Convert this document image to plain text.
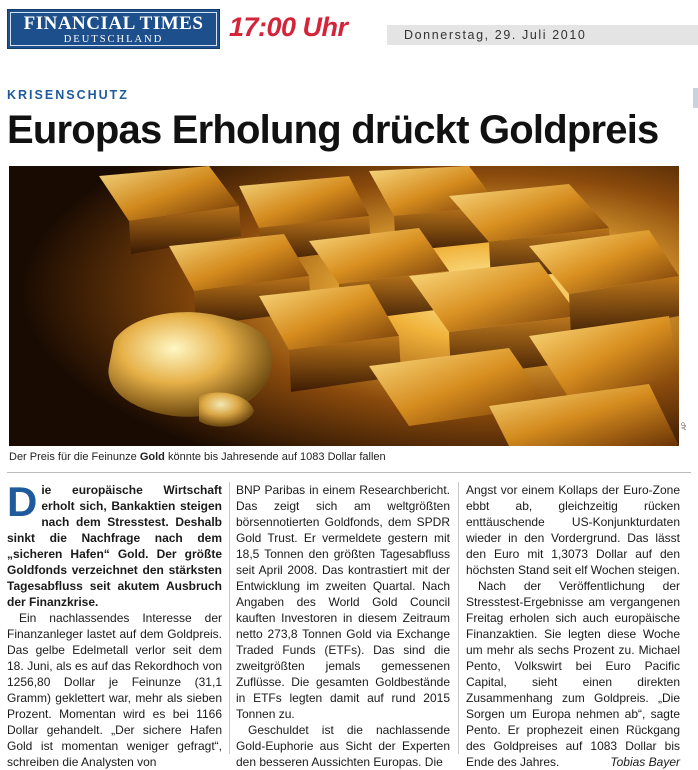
FINANCIAL TIMES
DEUTSCHLAND	17:00 Uhr	Donnerstag, 29. Juli 2010
KRISENSCHUTZ
Europas Erholung drückt Goldpreis
AP
Der Preis für die Feinunze Gold könnte bis Jahresende auf 1083 Dollar fallen

Die europäische Wirtschaft erholt sich, Bankaktien steigen nach dem Stresstest. Deshalb sinkt die Nachfrage nach dem „sicheren Hafen“ Gold. Der größte Goldfonds verzeichnet den stärksten Tagesabfluss seit akutem Ausbruch der Finanzkrise.

Ein nachlassendes Interesse der Finanzanleger lastet auf dem Goldpreis. Das gelbe Edelmetall verlor seit dem 18. Juni, als es auf das Rekordhoch von 1256,80 Dollar je Feinunze (31,1 Gramm) geklettert war, mehr als sieben Prozent. Momentan wird es bei 1166 Dollar gehandelt. „Der sichere Hafen Gold ist momentan weniger gefragt“, schreiben die Analysten von

BNP Paribas in einem Researchbericht. Das zeigt sich am weltgrößten börsennotierten Goldfonds, dem SPDR Gold Trust. Er vermeldete gestern mit 18,5 Tonnen den größten Tagesabfluss seit April 2008. Das kontrastiert mit der Entwicklung im zweiten Quartal. Nach Angaben des World Gold Council kauften Investoren in diesem Zeitraum netto 273,8 Tonnen Gold via Exchange Traded Funds (ETFs). Das sind die zweitgrößten jemals gemessenen Zuflüsse. Die gesamten Goldbestände in ETFs legten damit auf rund 2015 Tonnen zu.

Geschuldet ist die nachlassende Gold-Euphorie aus Sicht der Experten den besseren Aussichten Europas. Die

Angst vor einem Kollaps der Euro-Zone ebbt ab, gleichzeitig rücken enttäuschende US-Konjunkturdaten wieder in den Vordergrund. Das lässt den Euro mit 1,3073 Dollar auf den höchsten Stand seit elf Wochen steigen.

Nach der Veröffentlichung der Stresstest-Ergebnisse am vergangenen Freitag erholen sich auch europäische Finanzaktien. Sie legten diese Woche um mehr als sechs Prozent zu. Michael Pento, Volkswirt bei Euro Pacific Capital, sieht einen direkten Zusammenhang zum Goldpreis. „Die Sorgen um Europa nehmen ab“, sagte Pento. Er prophezeit einen Rückgang des Goldpreises auf 1083 Dollar bis Ende des Jahres.	Tobias Bayer
